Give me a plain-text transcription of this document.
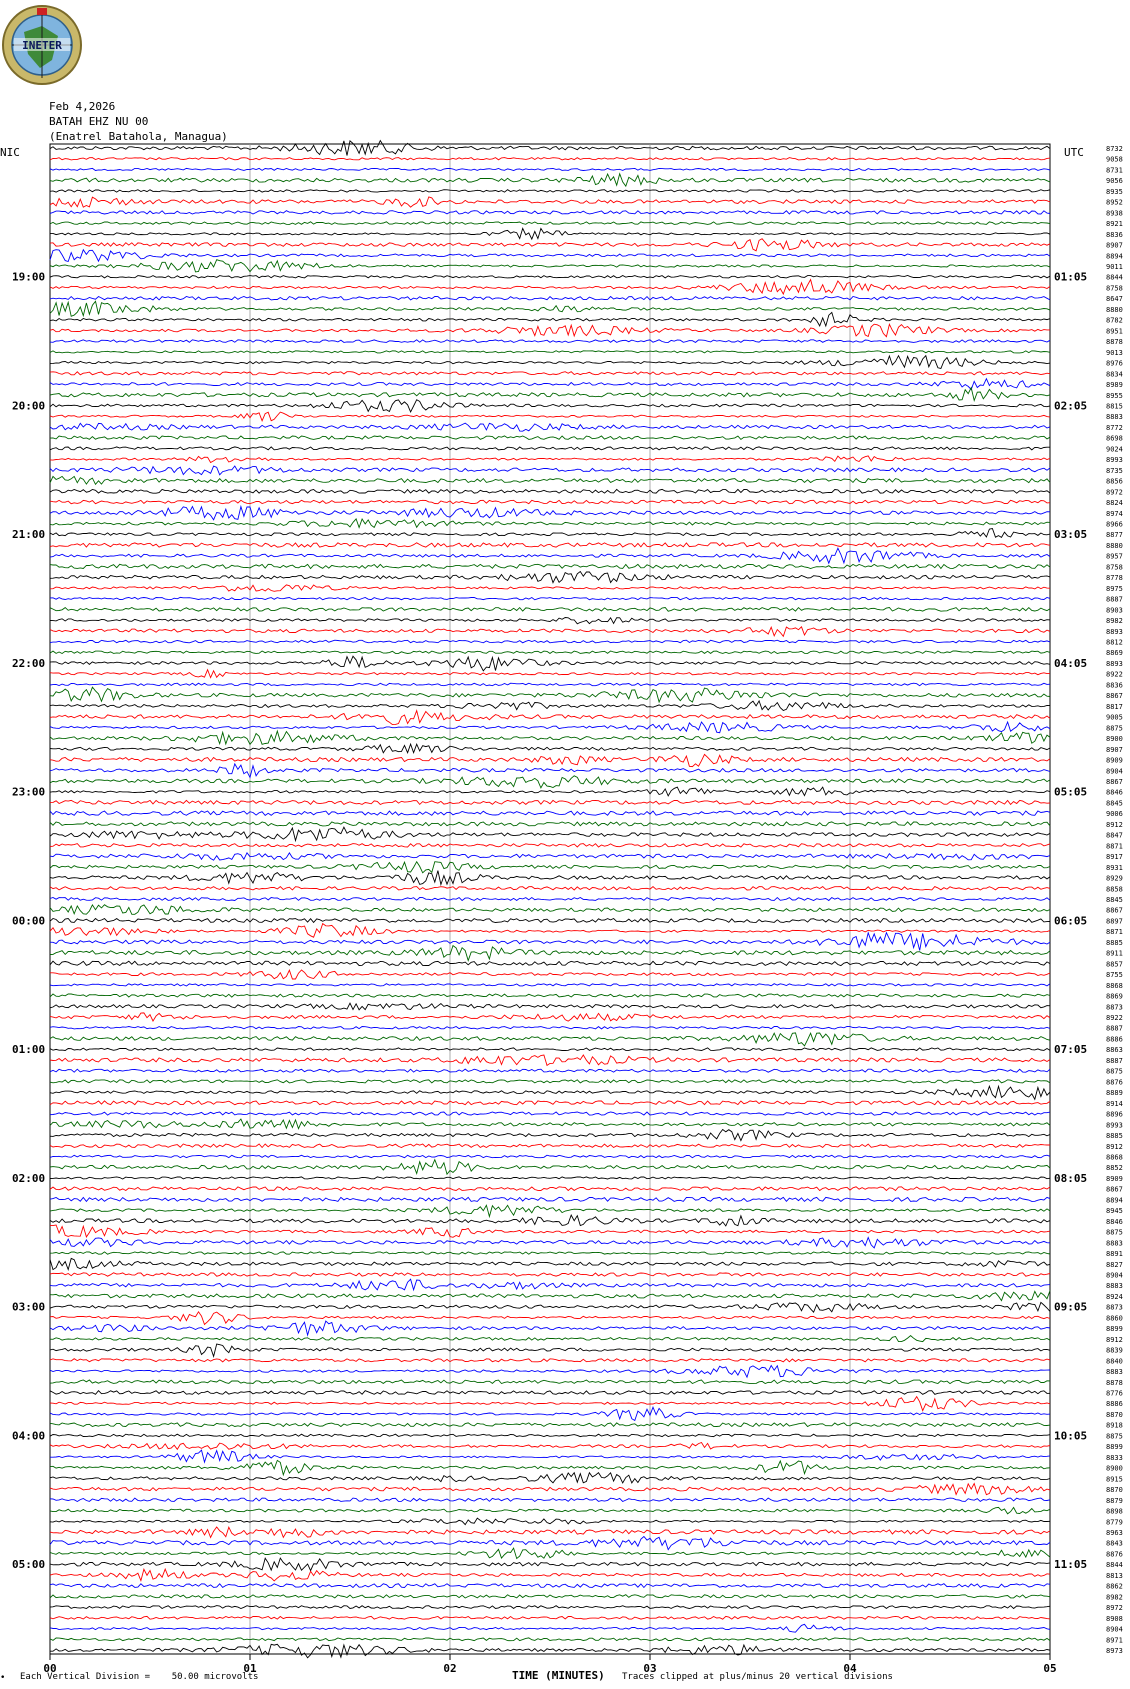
INETER
Feb 4,2026
BATAH EHZ NU 00
(Enatrel Batahola, Managua)
NIC	UTC	8732
9058
8731
9056
8935
8952
8938
8921
8836
8907
8894
9011
8844
8758
8647
8880
8782
8951
8878
9013
8976
8834
8989
8955
8815
8883
8772
8698
9024
8993
8735
8856
8972
8824
8974
8966
8877
8880
8957
8758
8778
8975
8887
8903
8982
8893
8812
8869
8893
8922
8836
8867
8817
9005
8875
8900
8907
8909
8904
8867
8846
8845
9006
8912
8847
8871
8917
8931
8929
8858
8845
8867
8897
8871
8885
8911
8857
8755
8868
8869
8873
8922
8887
8886
8863
8887
8875
8876
8889
8914
8896
8993
8885
8912
8868
8852
8909
8867
8894
8945
8846
8875
8883
8891
8827
8904
8883
8924
8873
8860
8899
8912
8839
8840
8883
8878
8776
8886
8870
8918
8875
8899
8833
8900
8915
8870
8879
8898
8779
8963
8843
8876
8844
8813
8862
8982
8972
8908
8904
8971
8973
19:00	01:05
20:00	02:05
21:00	03:05
22:00	04:05
23:00	05:05
00:00	06:05
01:00	07:05
02:00	08:05
03:00	09:05
04:00	10:05
05:00	11:05
00	01	02	03	04	05
• Each Vertical Division =    50.00 microvolts	TIME (MINUTES) Traces clipped at plus/minus 20 vertical divisions
